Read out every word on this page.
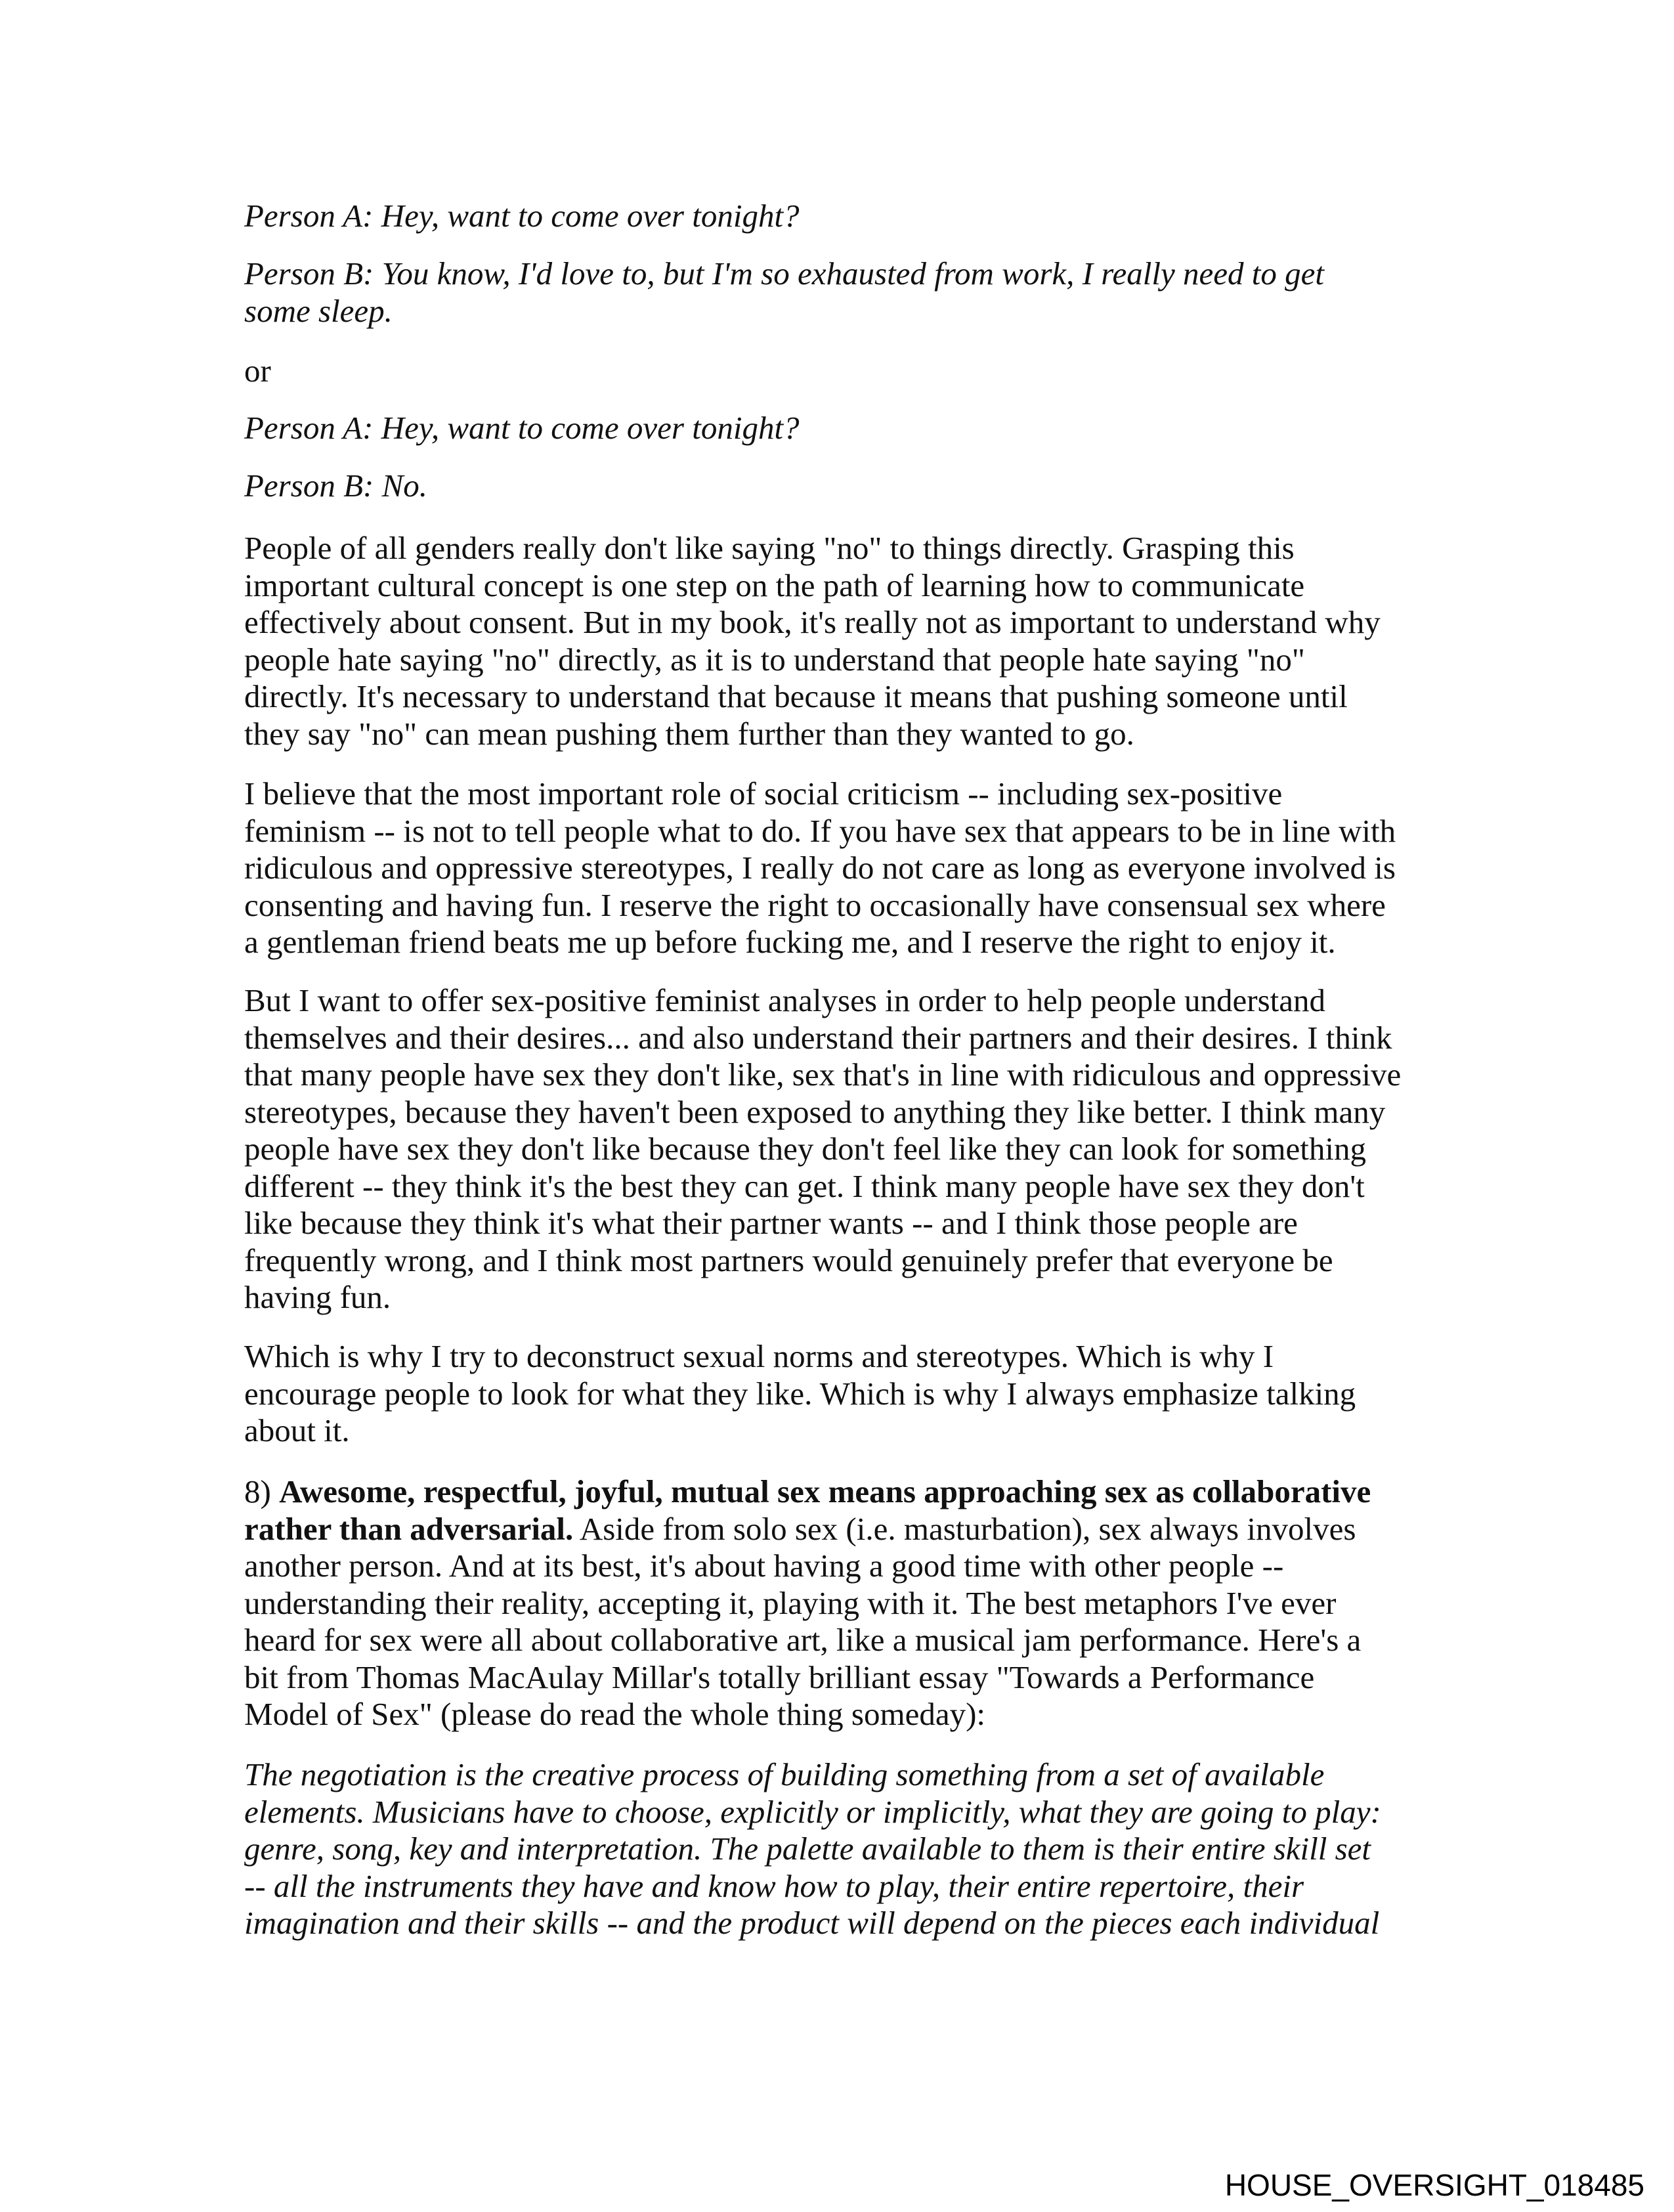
Person A: Hey, want to come over tonight?
Person B: You know, I'd love to, but I'm so exhausted from work, I really need to get
some sleep.
or
Person A: Hey, want to come over tonight?
Person B: No.
People of all genders really don't like saying "no" to things directly. Grasping this
important cultural concept is one step on the path of learning how to communicate
effectively about consent. But in my book, it's really not as important to understand why
people hate saying "no" directly, as it is to understand that people hate saying "no"
directly. It's necessary to understand that because it means that pushing someone until
they say "no" can mean pushing them further than they wanted to go.
I believe that the most important role of social criticism -- including sex-positive
feminism -- is not to tell people what to do. If you have sex that appears to be in line with
ridiculous and oppressive stereotypes, I really do not care as long as everyone involved is
consenting and having fun. I reserve the right to occasionally have consensual sex where
a gentleman friend beats me up before fucking me, and I reserve the right to enjoy it.
But I want to offer sex-positive feminist analyses in order to help people understand
themselves and their desires... and also understand their partners and their desires. I think
that many people have sex they don't like, sex that's in line with ridiculous and oppressive
stereotypes, because they haven't been exposed to anything they like better. I think many
people have sex they don't like because they don't feel like they can look for something
different -- they think it's the best they can get. I think many people have sex they don't
like because they think it's what their partner wants -- and I think those people are
frequently wrong, and I think most partners would genuinely prefer that everyone be
having fun.
Which is why I try to deconstruct sexual norms and stereotypes. Which is why I
encourage people to look for what they like. Which is why I always emphasize talking
about it.
8) Awesome, respectful, joyful, mutual sex means approaching sex as collaborative
rather than adversarial. Aside from solo sex (i.e. masturbation), sex always involves
another person. And at its best, it's about having a good time with other people --
understanding their reality, accepting it, playing with it. The best metaphors I've ever
heard for sex were all about collaborative art, like a musical jam performance. Here's a
bit from Thomas MacAulay Millar's totally brilliant essay "Towards a Performance
Model of Sex" (please do read the whole thing someday):
The negotiation is the creative process of building something from a set of available
elements. Musicians have to choose, explicitly or implicitly, what they are going to play:
genre, song, key and interpretation. The palette available to them is their entire skill set
-- all the instruments they have and know how to play, their entire repertoire, their
imagination and their skills -- and the product will depend on the pieces each individual
HOUSE_OVERSIGHT_018485
